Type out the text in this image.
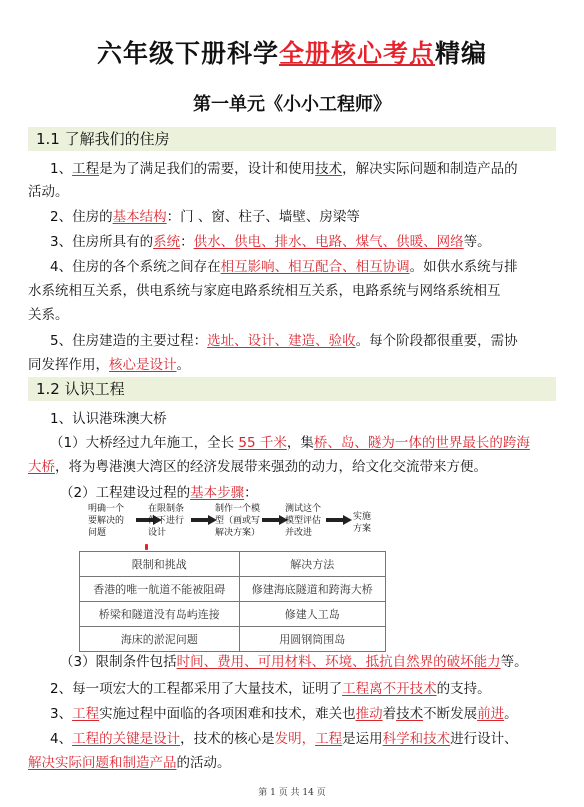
六年级下册科学全册核心考点精编
第一单元《小小工程师》
1.1 了解我们的住房
1、工程是为了满足我们的需要，设计和使用技术，解决实际问题和制造产品的
活动。
2、住房的基本结构：门 、窗、柱子、墙壁、房梁等
3、住房所具有的系统：供水、供电、排水、电路、煤气、供暖、网络等。
4、住房的各个系统之间存在相互影响、相互配合、相互协调。如供水系统与排
水系统相互关系，供电系统与家庭电路系统相互关系，电路系统与网络系统相互
关系。
5、住房建造的主要过程：选址、设计、建造、验收。每个阶段都很重要，需协
同发挥作用，核心是设计。
1.2 认识工程
1、认识港珠澳大桥
（1）大桥经过九年施工，全长 55 千米，集桥、岛、隧为一体的世界最长的跨海
大桥，将为粤港澳大湾区的经济发展带来强劲的动力，给文化交流带来方便。
（2）工程建设过程的基本步骤：
明确一个
要解决的
问题
在限制条
件下进行
设计
制作一个模
型（画或写
解决方案）
测试这个
模型评估
并改进
实施
方案
限制和挑战	解决方法
香港的唯一航道不能被阻碍	修建海底隧道和跨海大桥
桥梁和隧道没有岛屿连接	修建人工岛
海床的淤泥问题	用圆钢筒围岛
（3）限制条件包括时间、费用、可用材料、环境、抵抗自然界的破坏能力等。
2、每一项宏大的工程都采用了大量技术，证明了工程离不开技术的支持。
3、工程实施过程中面临的各项困难和技术，难关也推动着技术不断发展前进。
4、工程的关键是设计，技术的核心是发明，工程是运用科学和技术进行设计、
解决实际问题和制造产品的活动。
第 1 页 共 14 页
